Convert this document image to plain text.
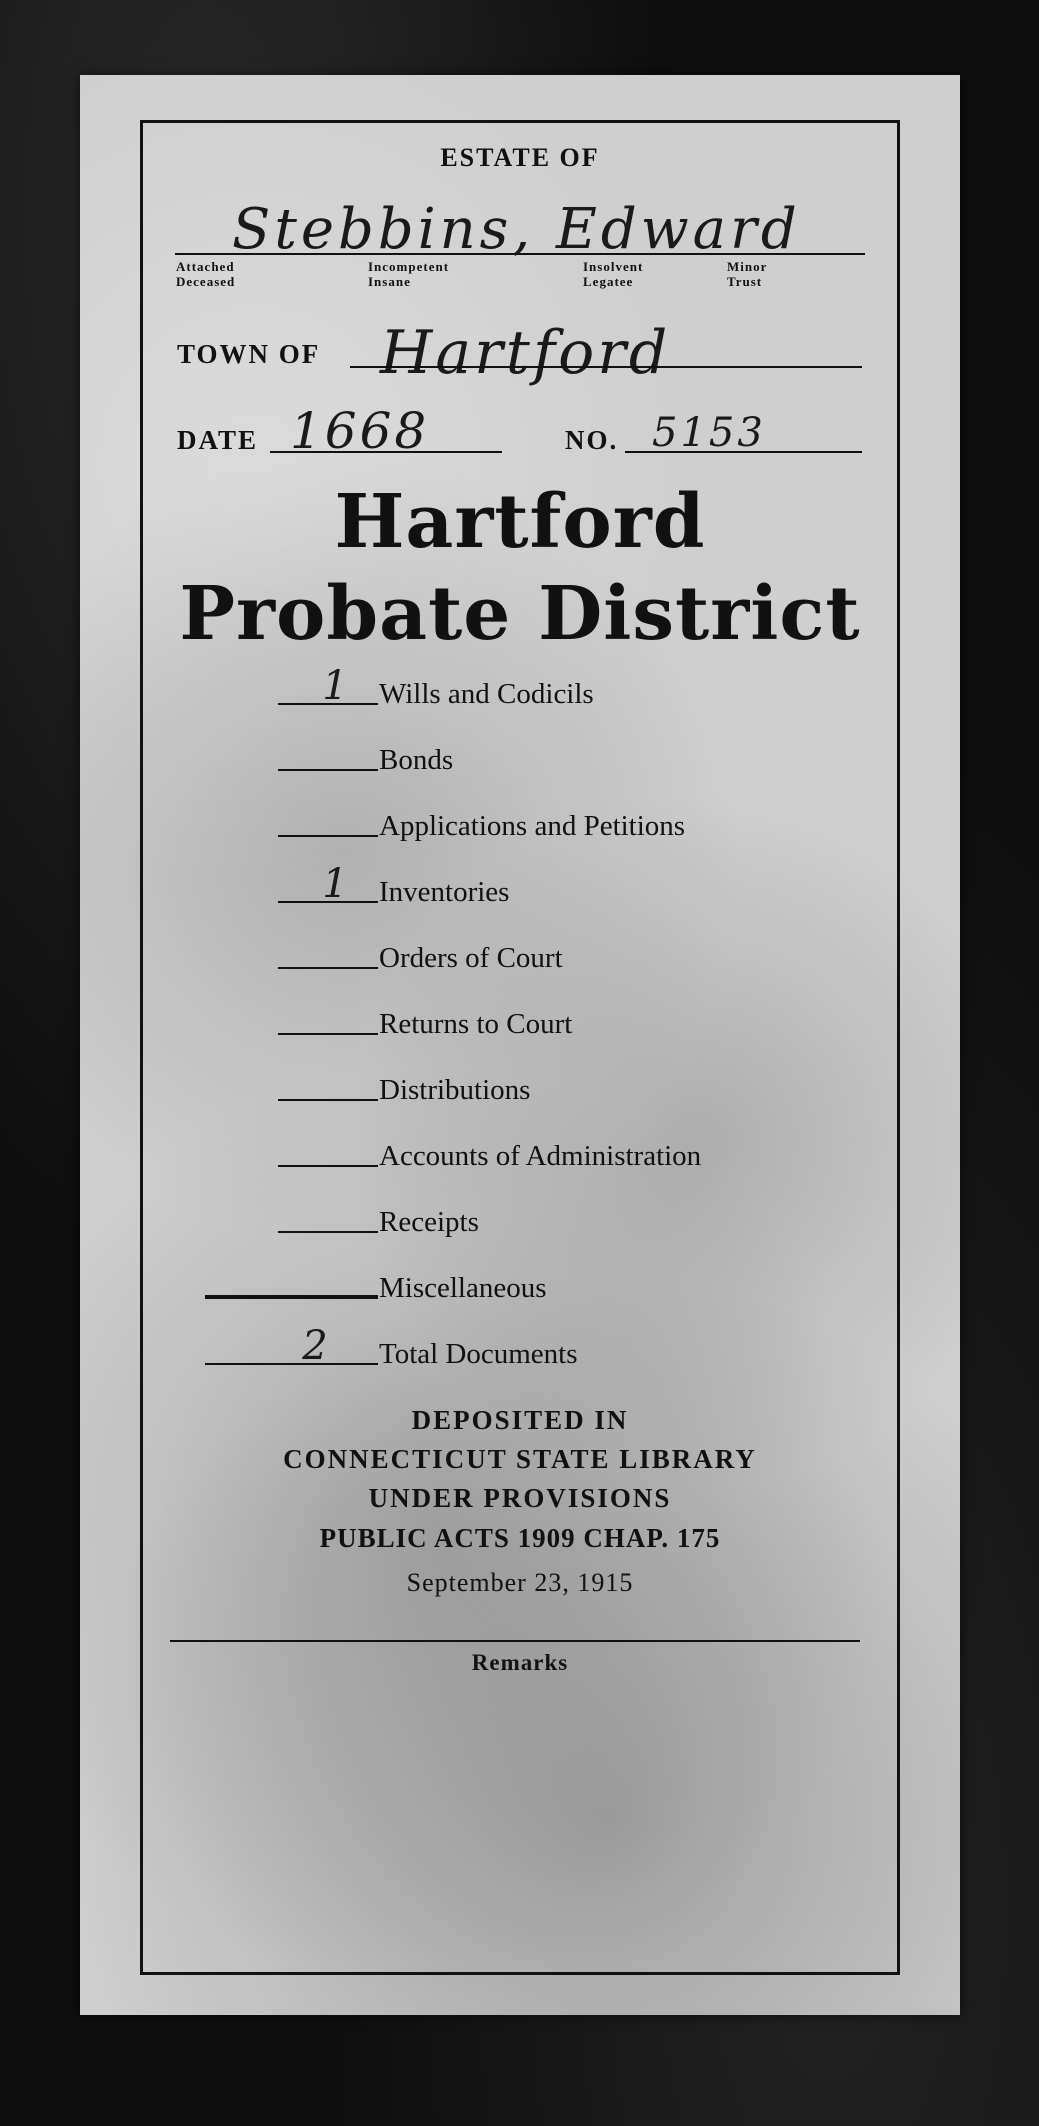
ESTATE OF
Stebbins, Edward
Attached
Deceased
Incompetent
Insane
Insolvent
Legatee
Minor
Trust
TOWN OF Hartford
DATE 1668	NO. 5153
Hartford
Probate District
1	Wills and Codicils
Bonds
Applications and Petitions
1	Inventories
Orders of Court
Returns to Court
Distributions
Accounts of Administration
Receipts
Miscellaneous
2	Total Documents
DEPOSITED IN
CONNECTICUT STATE LIBRARY
UNDER PROVISIONS
PUBLIC ACTS 1909 CHAP. 175
September 23, 1915
Remarks
